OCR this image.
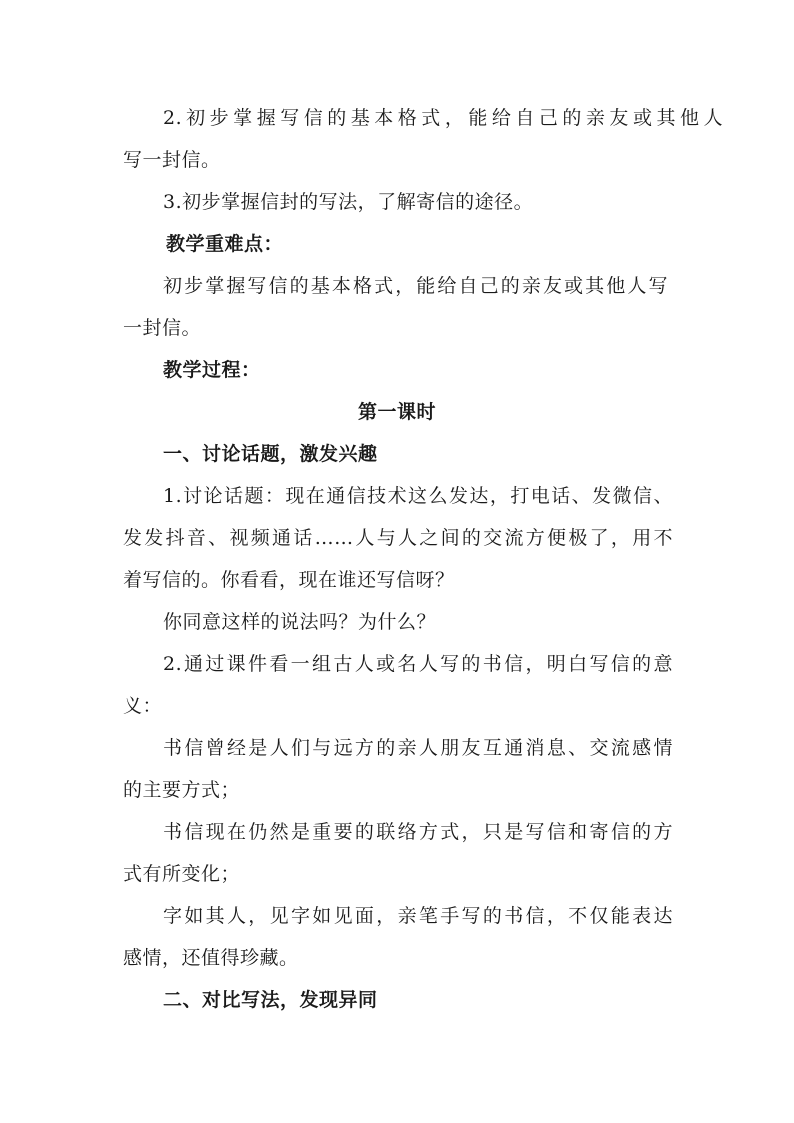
2.初步掌握写信的基本格式，能给自己的亲友或其他人
写一封信。
3.初步掌握信封的写法，了解寄信的途径。
教学重难点：
初步掌握写信的基本格式，能给自己的亲友或其他人写
一封信。
教学过程：
第一课时
一、讨论话题，激发兴趣
1.讨论话题：现在通信技术这么发达，打电话、发微信、
发发抖音、视频通话……人与人之间的交流方便极了，用不
着写信的。你看看，现在谁还写信呀？
你同意这样的说法吗？为什么？
2.通过课件看一组古人或名人写的书信，明白写信的意
义：
书信曾经是人们与远方的亲人朋友互通消息、交流感情
的主要方式；
书信现在仍然是重要的联络方式，只是写信和寄信的方
式有所变化；
字如其人，见字如见面，亲笔手写的书信，不仅能表达
感情，还值得珍藏。
二、对比写法，发现异同
